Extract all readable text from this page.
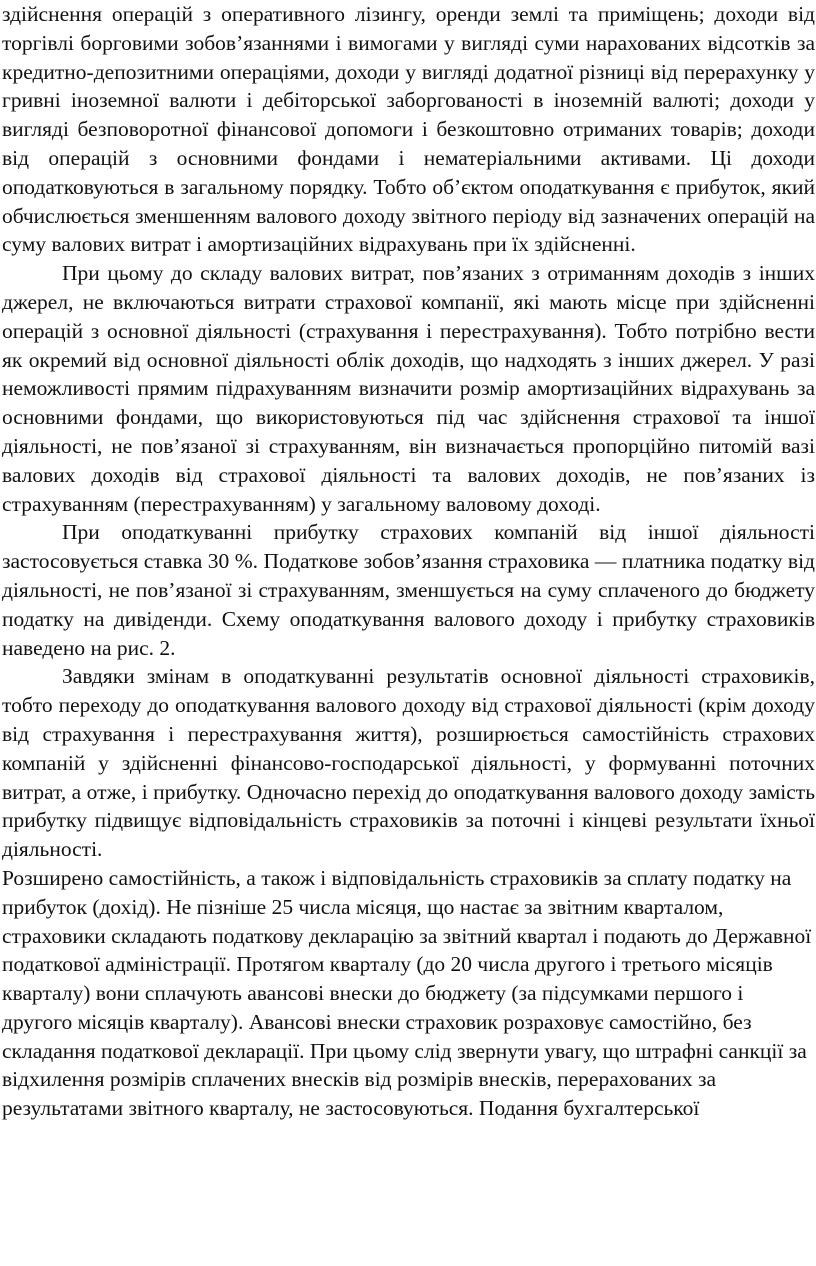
здійснення операцій з оперативного лізингу, оренди землі та приміщень; доходи від торгівлі борговими зобов’язаннями і вимогами у вигляді суми нарахованих відсотків за кредитно-депозитними операціями, доходи у вигляді додатної різниці від перерахунку у гривні іноземної валюти і дебіторської заборгованості в іноземній валюті; доходи у вигляді безповоротної фінансової допомоги і безкоштовно отриманих товарів; доходи від операцій з основними фондами і нематеріальними активами. Ці доходи оподатковуються в загальному порядку. Тобто об’єктом оподаткування є прибуток, який обчислюється зменшенням валового доходу звітного періоду від зазначених операцій на суму валових витрат і амортизаційних відрахувань при їх здійсненні.

При цьому до складу валових витрат, пов’язаних з отриманням доходів з інших джерел, не включаються витрати страхової компанії, які мають місце при здійсненні операцій з основної діяльності (страхування і перестрахування). Тобто потрібно вести як окремий від основної діяльності облік доходів, що надходять з інших джерел. У разі неможливості прямим підрахуванням визначити розмір амортизаційних відрахувань за основними фондами, що використовуються під час здійснення страхової та іншої діяльності, не пов’язаної зі страхуванням, він визначається пропорційно питомій вазі валових доходів від страхової діяльності та валових доходів, не пов’язаних із страхуванням (перестрахуванням) у загальному валовому доході.

При оподаткуванні прибутку страхових компаній від іншої діяльності застосовується ставка 30 %. Податкове зобов’язання страховика — платника податку від діяльності, не пов’язаної зі страхуванням, зменшується на суму сплаченого до бюджету податку на дивіденди. Схему оподаткування валового доходу і прибутку страховиків наведено на рис. 2.

Завдяки змінам в оподаткуванні результатів основної діяльності страховиків, тобто переходу до оподаткування валового доходу від страхової діяльності (крім доходу від страхування і перестрахування життя), розширюється самостійність страхових компаній у здійсненні фінансово-господарської діяльності, у формуванні поточних витрат, а отже, і прибутку. Одночасно перехід до оподаткування валового доходу замість прибутку підвищує відповідальність страховиків за поточні і кінцеві результати їхньої діяльності.

Розширено самостійність, а також і відповідальність страховиків за сплату податку на прибуток (дохід). Не пізніше 25 числа місяця, що настає за звітним кварталом, страховики складають податкову декларацію за звітний квартал і подають до Державної податкової адміністрації. Протягом кварталу (до 20 числа другого і третього місяців кварталу) вони сплачують авансові внески до бюджету (за підсумками першого і другого місяців кварталу). Авансові внески страховик розраховує самостійно, без складання податкової декларації. При цьому слід звернути увагу, що штрафні санкції за відхилення розмірів сплачених внесків від розмірів внесків, перерахованих за результатами звітного кварталу, не застосовуються. Подання бухгалтерської
